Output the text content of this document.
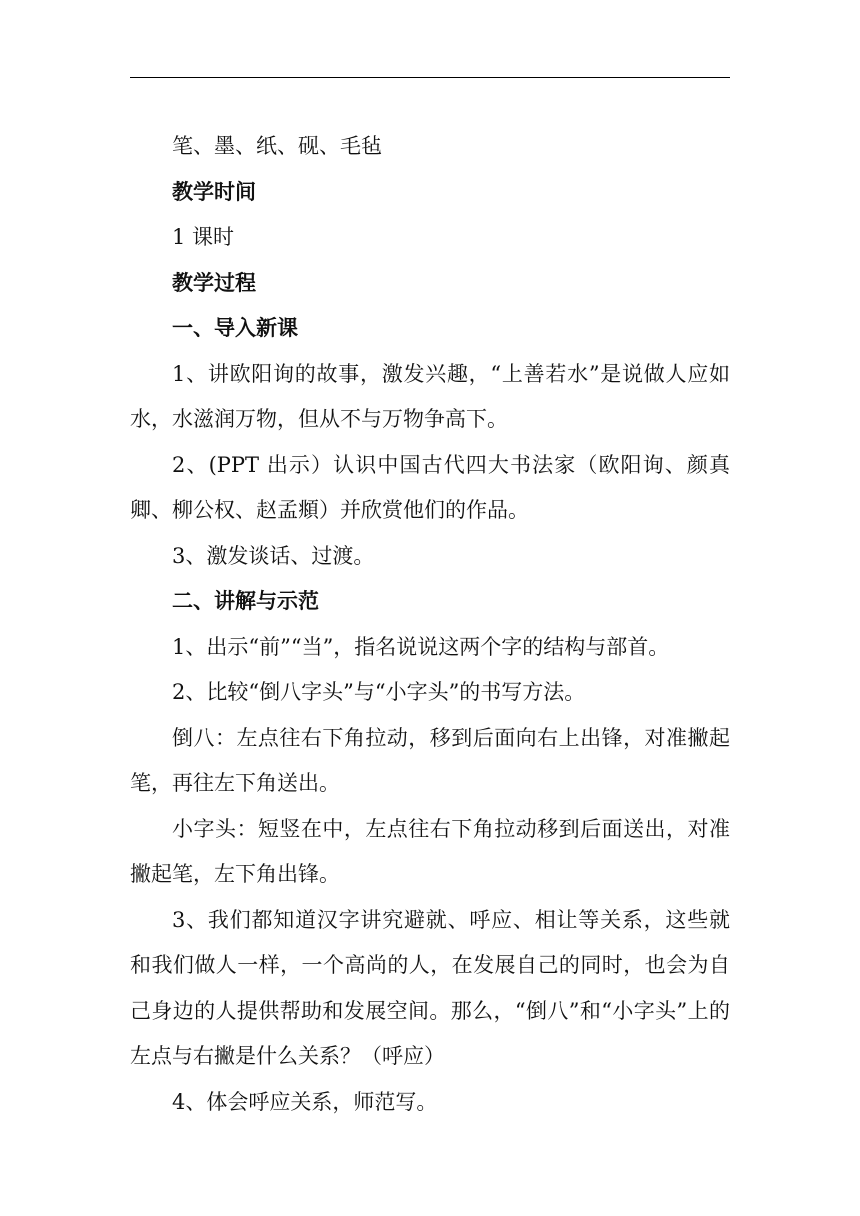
笔、墨、纸、砚、毛毡

教学时间

1 课时

教学过程

一、导入新课

1、讲欧阳询的故事，激发兴趣，“上善若水”是说做人应如水，水滋润万物，但从不与万物争高下。

2、(PPT 出示）认识中国古代四大书法家（欧阳询、颜真卿、柳公权、赵孟頫）并欣赏他们的作品。

3、激发谈话、过渡。

二、讲解与示范

1、出示“前”“当”，指名说说这两个字的结构与部首。

2、比较“倒八字头”与“小字头”的书写方法。

倒八：左点往右下角拉动，移到后面向右上出锋，对准撇起笔，再往左下角送出。

小字头：短竖在中，左点往右下角拉动移到后面送出，对准撇起笔，左下角出锋。

3、我们都知道汉字讲究避就、呼应、相让等关系，这些就和我们做人一样，一个高尚的人，在发展自己的同时，也会为自己身边的人提供帮助和发展空间。那么，“倒八”和“小字头”上的左点与右撇是什么关系？（呼应）

4、体会呼应关系，师范写。
